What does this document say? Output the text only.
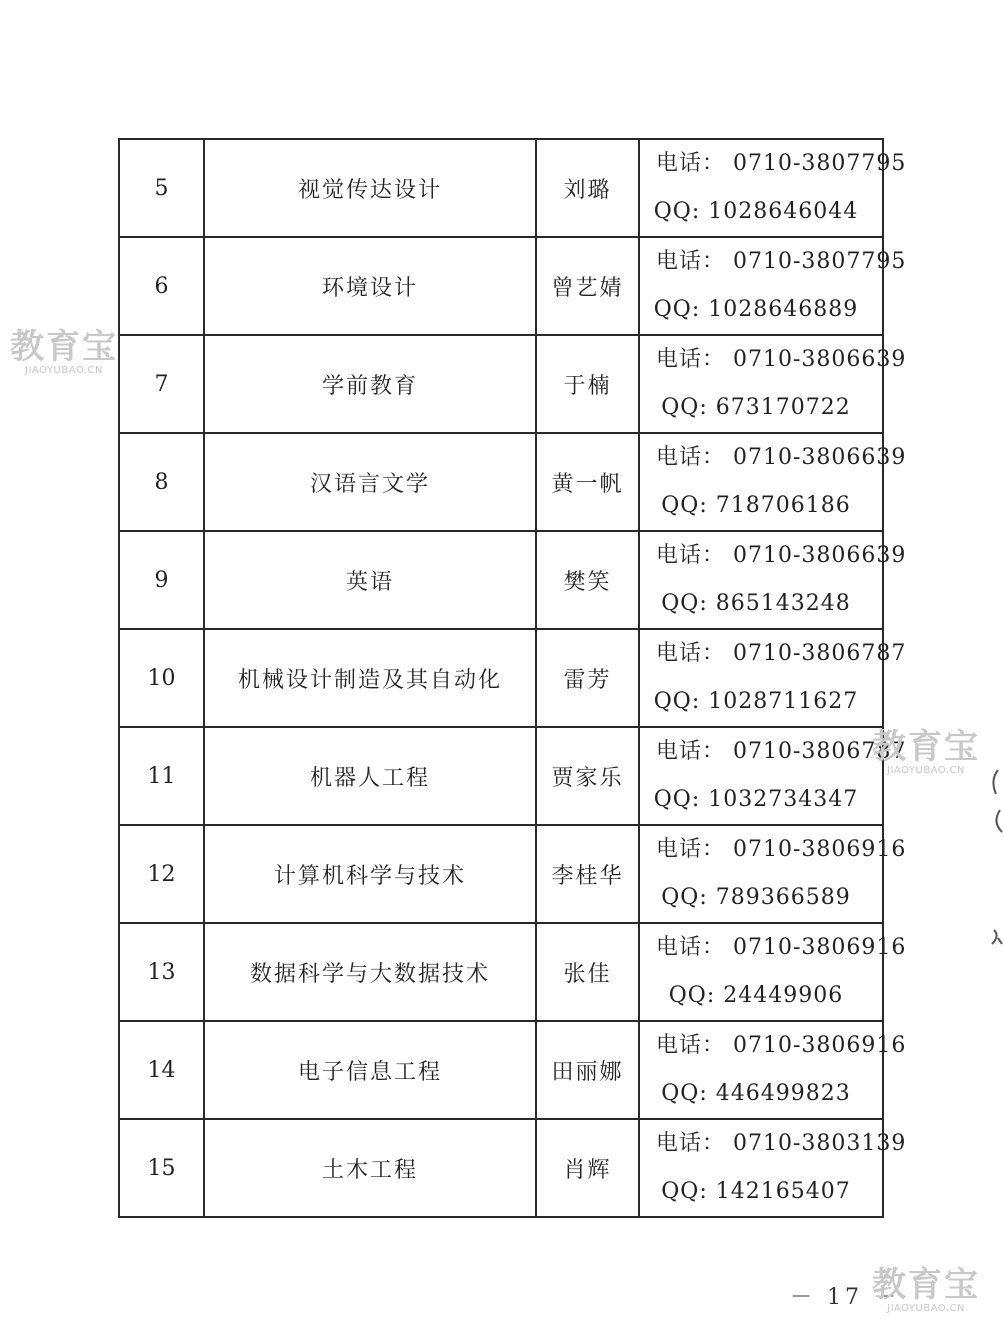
5	视觉传达设计	刘璐	电话： 0710-3807795
QQ: 1028646044

6	环境设计	曾艺婧	电话： 0710-3807795
QQ: 1028646889

7	学前教育	于楠	电话： 0710-3806639
QQ: 673170722

8	汉语言文学	黄一帆	电话： 0710-3806639
QQ: 718706186

9	英语	樊笑	电话： 0710-3806639
QQ: 865143248

10	机械设计制造及其自动化	雷芳	电话： 0710-3806787
QQ: 1028711627

11	机器人工程	贾家乐	电话： 0710-3806787
QQ: 1032734347

12	计算机科学与技术	李桂华	电话： 0710-3806916
QQ: 789366589

13	数据科学与大数据技术	张佳	电话： 0710-3806916
QQ: 24449906

14	电子信息工程	田丽娜	电话： 0710-3806916
QQ: 446499823

15	土木工程	肖辉	电话： 0710-3803139
QQ: 142165407
－ 17 －
教育宝
JIAOYUBAO.CN
教育宝
JIAOYUBAO.CN
教育宝
JIAOYUBAO.CN
